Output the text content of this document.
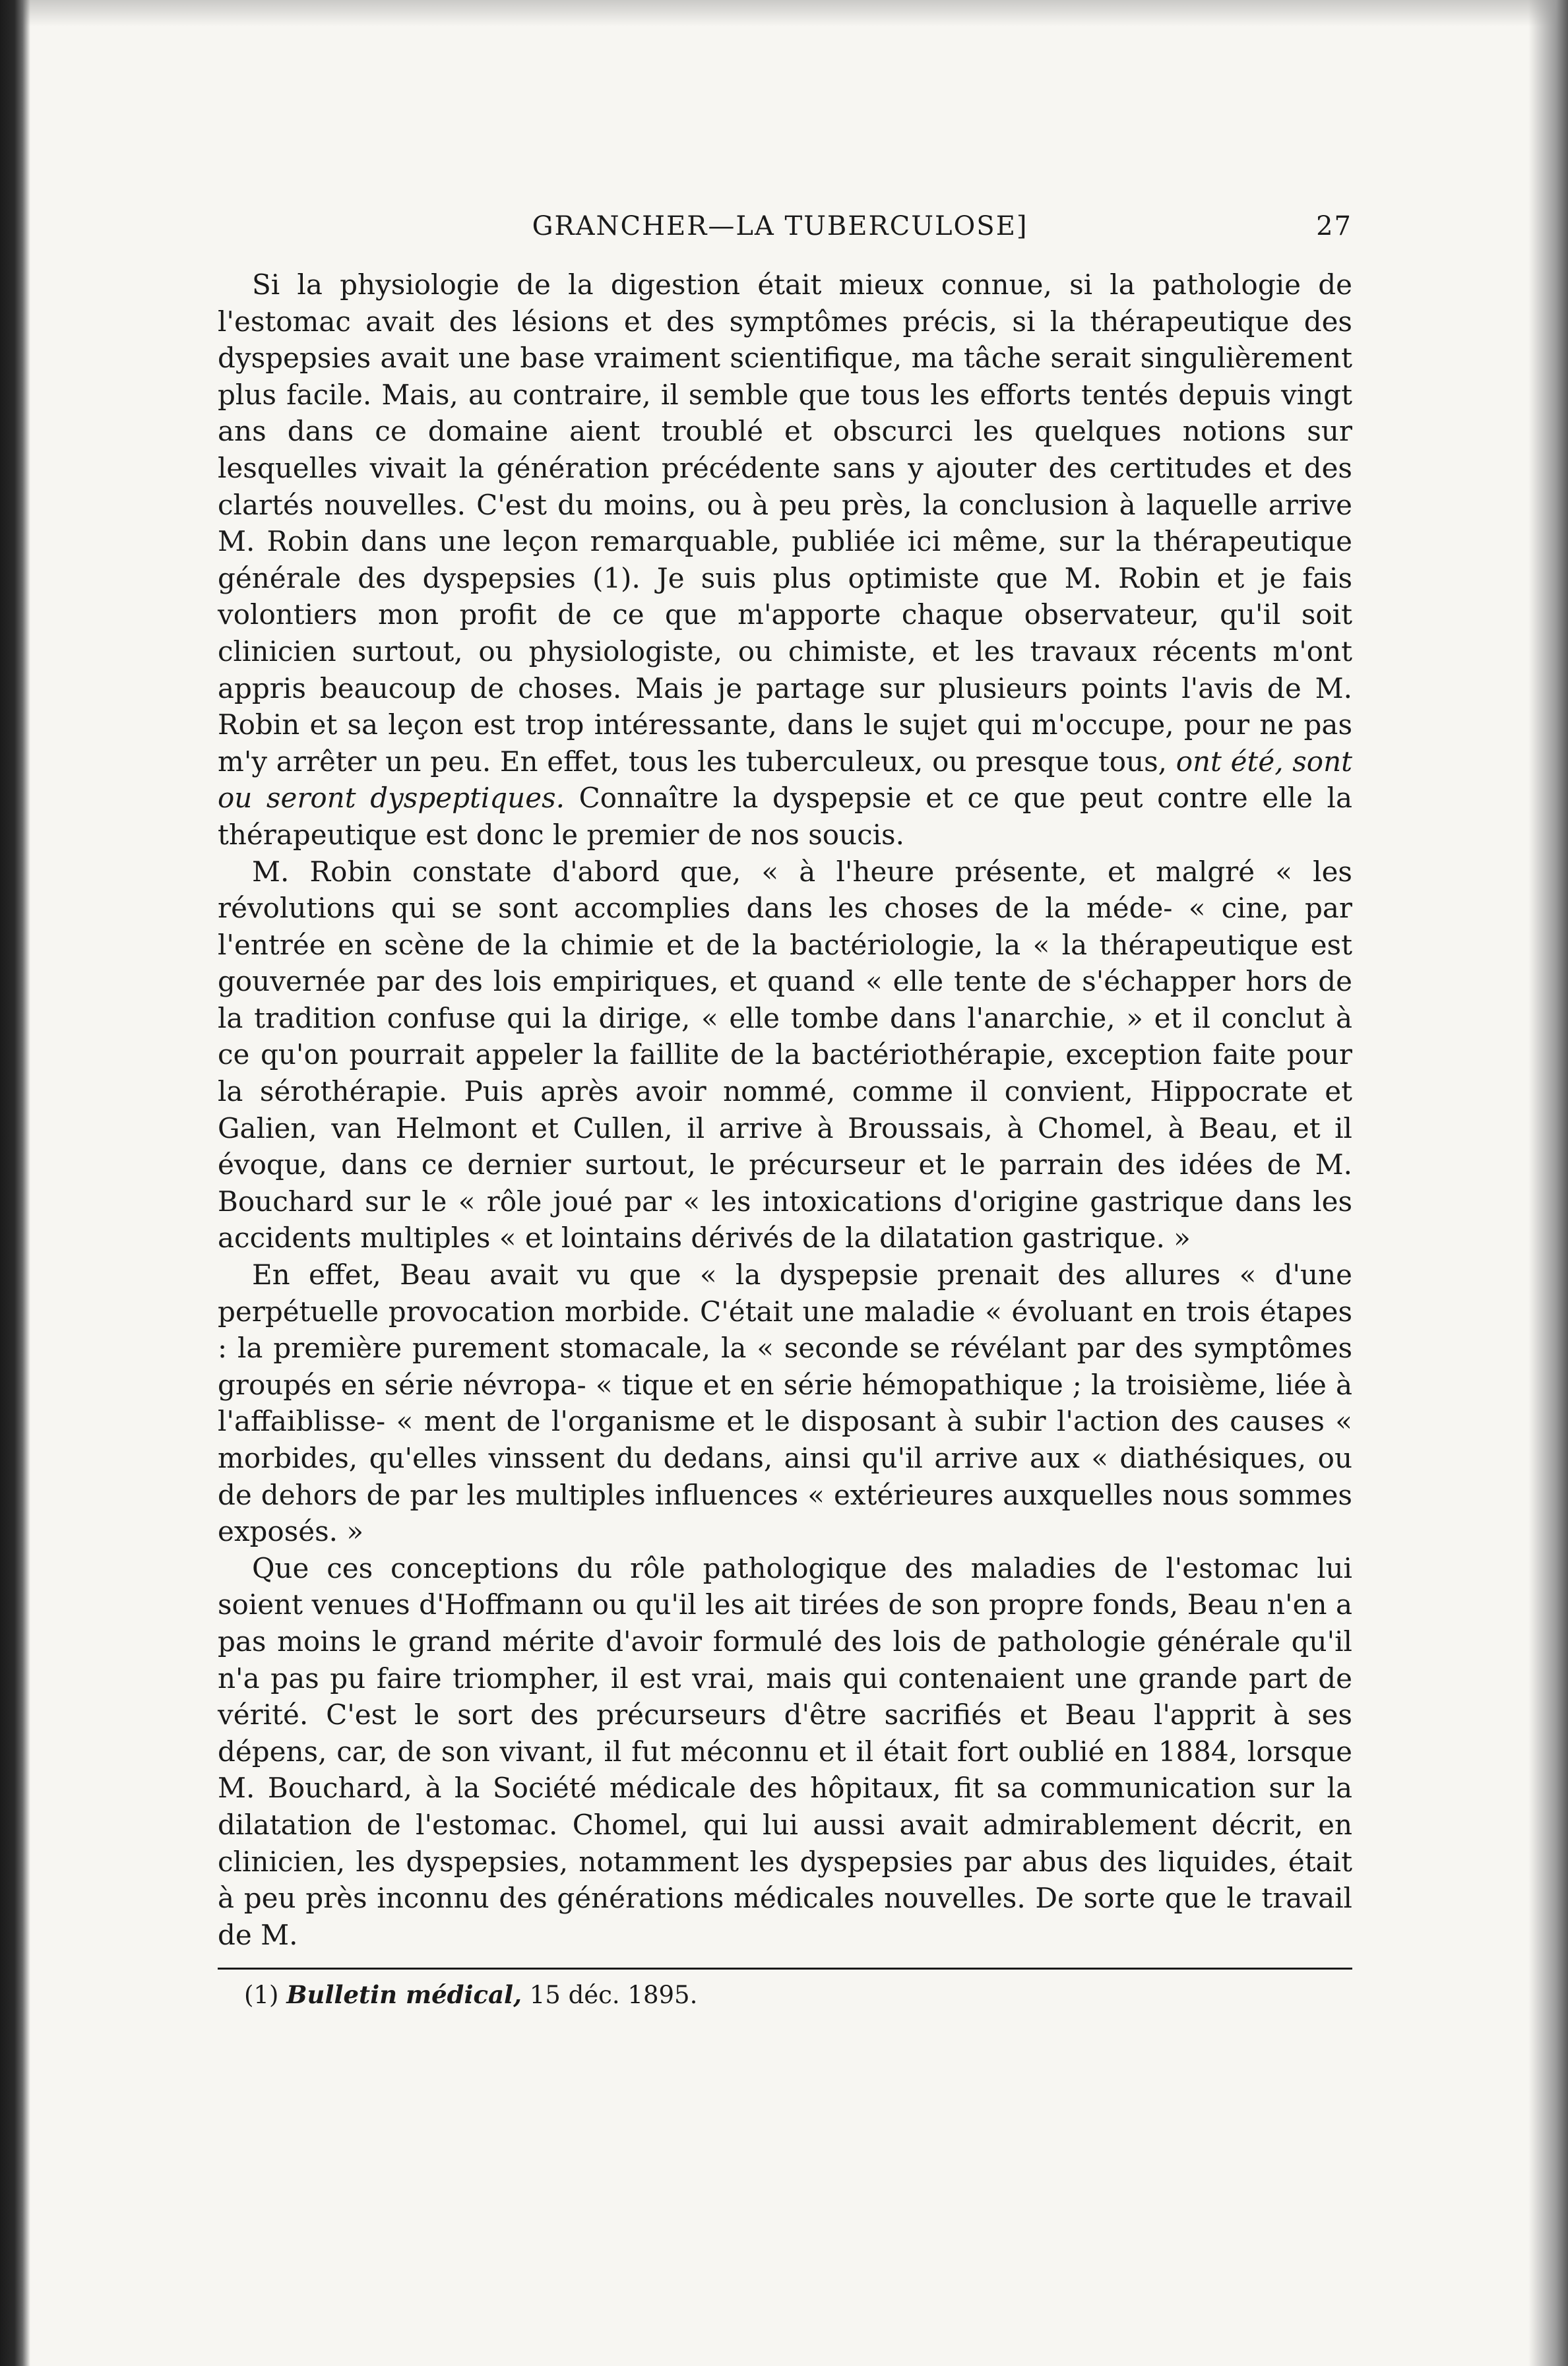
GRANCHER—LA TUBERCULOSE]	27

Si la physiologie de la digestion était mieux connue, si la pathologie de l'estomac avait des lésions et des symptômes précis, si la thérapeutique des dyspepsies avait une base vraiment scientifique, ma tâche serait singulièrement plus facile. Mais, au contraire, il semble que tous les efforts tentés depuis vingt ans dans ce domaine aient troublé et obscurci les quelques notions sur lesquelles vivait la génération précédente sans y ajouter des certitudes et des clartés nouvelles. C'est du moins, ou à peu près, la conclusion à laquelle arrive M. Robin dans une leçon remarquable, publiée ici même, sur la thérapeutique générale des dyspepsies (1). Je suis plus optimiste que M. Robin et je fais volontiers mon profit de ce que m'apporte chaque observateur, qu'il soit clinicien surtout, ou physiologiste, ou chimiste, et les travaux récents m'ont appris beaucoup de choses. Mais je partage sur plusieurs points l'avis de M. Robin et sa leçon est trop intéressante, dans le sujet qui m'occupe, pour ne pas m'y arrêter un peu. En effet, tous les tuberculeux, ou presque tous, ont été, sont ou seront dyspeptiques. Connaître la dyspepsie et ce que peut contre elle la thérapeutique est donc le premier de nos soucis.

M. Robin constate d'abord que, « à l'heure présente, et malgré « les révolutions qui se sont accomplies dans les choses de la méde- « cine, par l'entrée en scène de la chimie et de la bactériologie, la « la thérapeutique est gouvernée par des lois empiriques, et quand « elle tente de s'échapper hors de la tradition confuse qui la dirige, « elle tombe dans l'anarchie, » et il conclut à ce qu'on pourrait appeler la faillite de la bactériothérapie, exception faite pour la sérothérapie. Puis après avoir nommé, comme il convient, Hippocrate et Galien, van Helmont et Cullen, il arrive à Broussais, à Chomel, à Beau, et il évoque, dans ce dernier surtout, le précurseur et le parrain des idées de M. Bouchard sur le « rôle joué par « les intoxications d'origine gastrique dans les accidents multiples « et lointains dérivés de la dilatation gastrique. »

En effet, Beau avait vu que « la dyspepsie prenait des allures « d'une perpétuelle provocation morbide. C'était une maladie « évoluant en trois étapes : la première purement stomacale, la « seconde se révélant par des symptômes groupés en série névropa- « tique et en série hémopathique ; la troisième, liée à l'affaiblisse- « ment de l'organisme et le disposant à subir l'action des causes « morbides, qu'elles vinssent du dedans, ainsi qu'il arrive aux « diathésiques, ou de dehors de par les multiples influences « extérieures auxquelles nous sommes exposés. »

Que ces conceptions du rôle pathologique des maladies de l'estomac lui soient venues d'Hoffmann ou qu'il les ait tirées de son propre fonds, Beau n'en a pas moins le grand mérite d'avoir formulé des lois de pathologie générale qu'il n'a pas pu faire triompher, il est vrai, mais qui contenaient une grande part de vérité. C'est le sort des précurseurs d'être sacrifiés et Beau l'apprit à ses dépens, car, de son vivant, il fut méconnu et il était fort oublié en 1884, lorsque M. Bouchard, à la Société médicale des hôpitaux, fit sa communication sur la dilatation de l'estomac. Chomel, qui lui aussi avait admirablement décrit, en clinicien, les dyspepsies, notamment les dyspepsies par abus des liquides, était à peu près inconnu des générations médicales nouvelles. De sorte que le travail de M.

(1) Bulletin médical, 15 déc. 1895.
